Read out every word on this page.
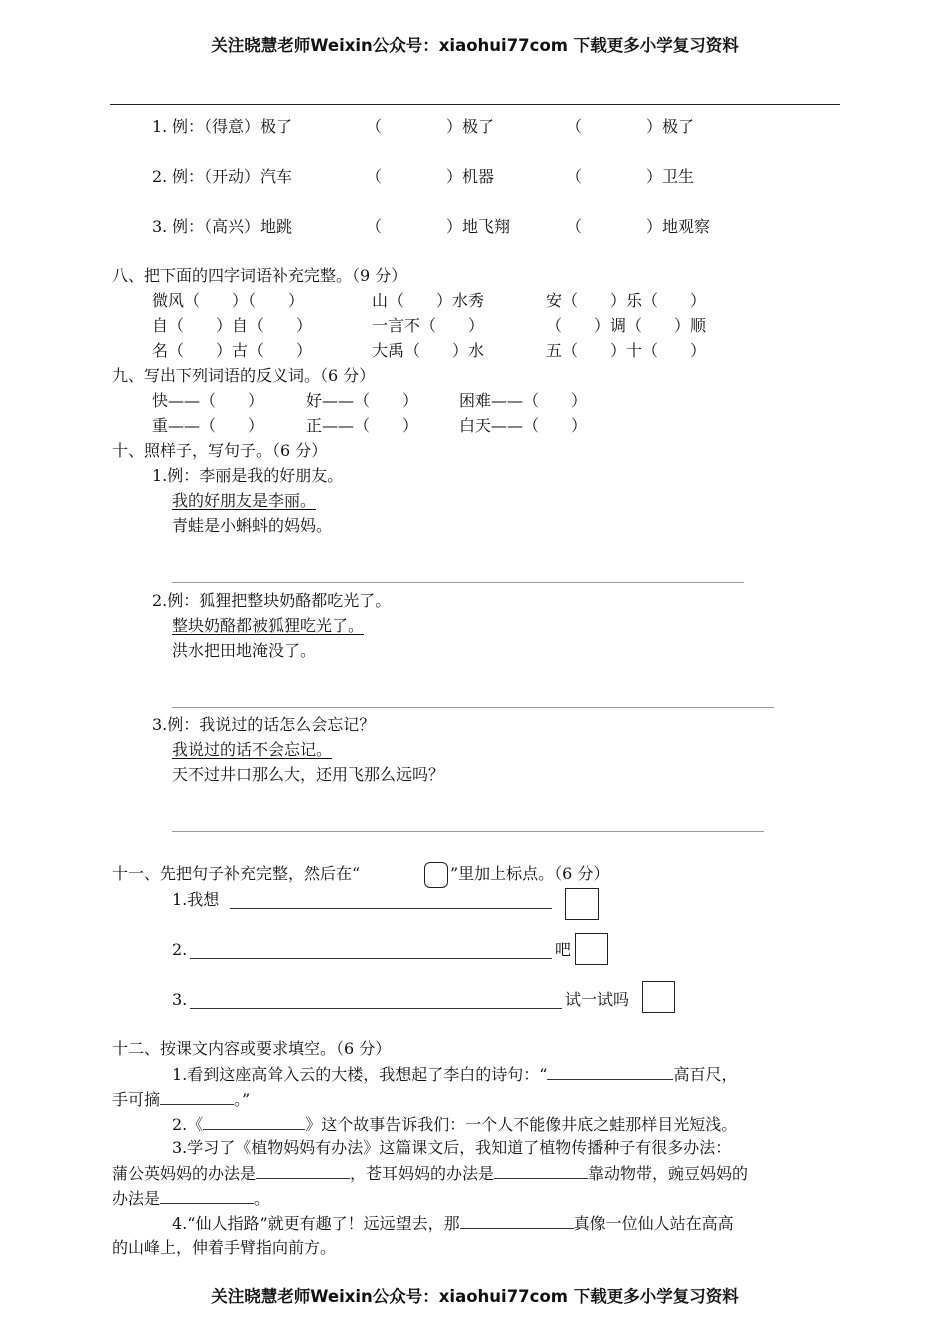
关注晓慧老师Weixin公众号：xiaohui77com 下载更多小学复习资料
1. 例：（得意）极了	（　　　　）极了	（　　　　）极了
2. 例：（开动）汽车	（　　　　）机器	（　　　　）卫生
3. 例：（高兴）地跳	（　　　　）地飞翔	（　　　　）地观察
八、把下面的四字词语补充完整。（9 分）
微风（　　）（　　）	山（　　）水秀	安（　　）乐（　　）
自（　　）自（　　）	一言不（　　）	（　　）调（　　）顺
名（　　）古（　　）	大禹（　　）水	五（　　）十（　　）
九、写出下列词语的反义词。（6 分）
快——（　　）	好——（　　）	困难——（　　）
重——（　　）	正——（　　）	白天——（　　）
十、照样子，写句子。（6 分）
1.例：李丽是我的好朋友。
我的好朋友是李丽。
青蛙是小蝌蚪的妈妈。
2.例：狐狸把整块奶酪都吃光了。
整块奶酪都被狐狸吃光了。
洪水把田地淹没了。
3.例：我说过的话怎么会忘记？
我说过的话不会忘记。
天不过井口那么大，还用飞那么远吗？
十一、先把句子补充完整，然后在“	”里加上标点。（6 分）
1.我想
2.	吧
3.	试一试吗
十二、按课文内容或要求填空。（6 分）
1.看到这座高耸入云的大楼，我想起了李白的诗句：“	高百尺，
手可摘	。”
2.《	》这个故事告诉我们：一个人不能像井底之蛙那样目光短浅。
3.学习了《植物妈妈有办法》这篇课文后，我知道了植物传播种子有很多办法：
蒲公英妈妈的办法是	，苍耳妈妈的办法是	靠动物带，豌豆妈妈的
办法是	。
4.“仙人指路”就更有趣了！远远望去，那	真像一位仙人站在高高
的山峰上，伸着手臂指向前方。
关注晓慧老师Weixin公众号：xiaohui77com 下载更多小学复习资料
